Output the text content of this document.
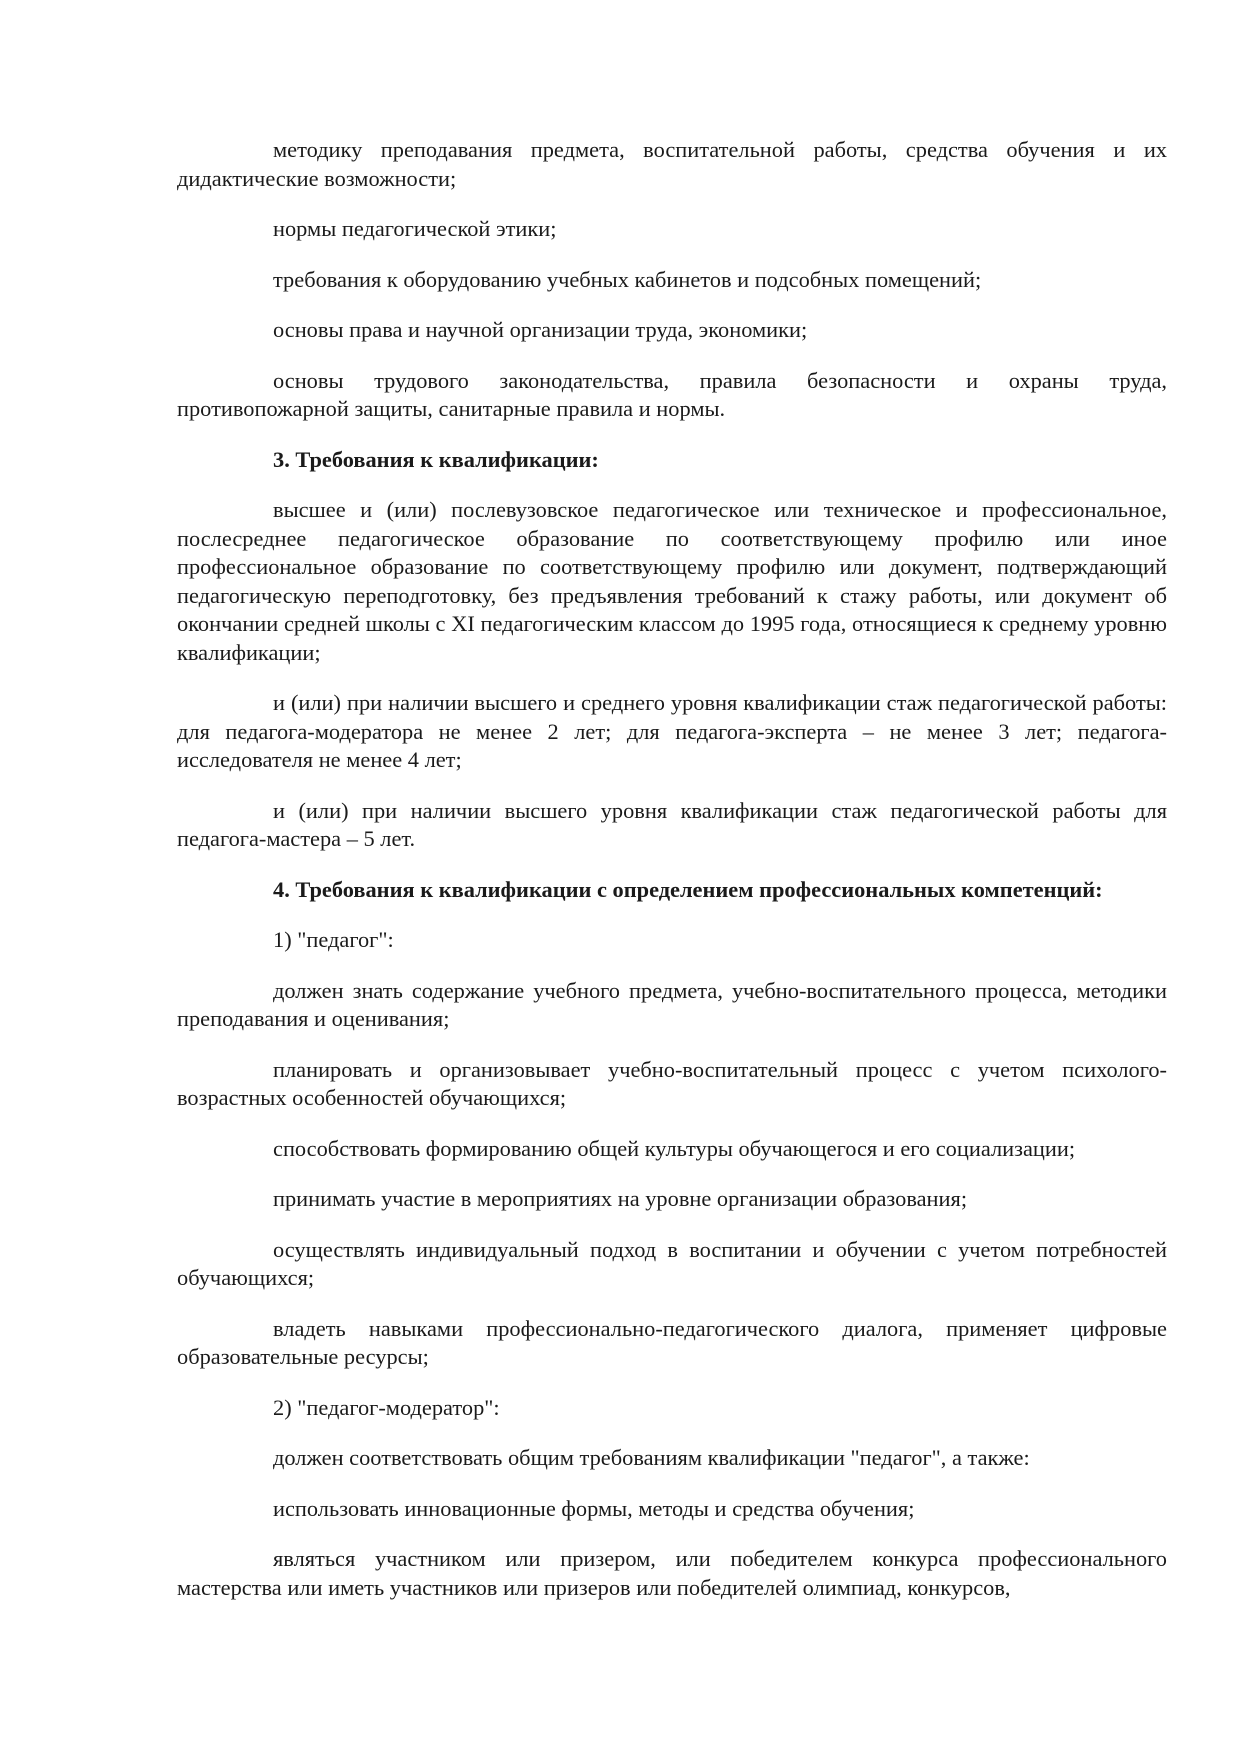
методику преподавания предмета, воспитательной работы, средства обучения и их дидактические возможности;

нормы педагогической этики;

требования к оборудованию учебных кабинетов и подсобных помещений;

основы права и научной организации труда, экономики;

основы трудового законодательства, правила безопасности и охраны труда, противопожарной защиты, санитарные правила и нормы.

3. Требования к квалификации:

высшее и (или) послевузовское педагогическое или техническое и профессиональное, послесреднее педагогическое образование по соответствующему профилю или иное профессиональное образование по соответствующему профилю или документ, подтверждающий педагогическую переподготовку, без предъявления требований к стажу работы, или документ об окончании средней школы с XI педагогическим классом до 1995 года, относящиеся к среднему уровню квалификации;

и (или) при наличии высшего и среднего уровня квалификации стаж педагогической работы: для педагога-модератора не менее 2 лет; для педагога-эксперта – не менее 3 лет; педагога-исследователя не менее 4 лет;

и (или) при наличии высшего уровня квалификации стаж педагогической работы для педагога-мастера – 5 лет.

4. Требования к квалификации с определением профессиональных компетенций:

1) "педагог":

должен знать содержание учебного предмета, учебно-воспитательного процесса, методики преподавания и оценивания;

планировать и организовывает учебно-воспитательный процесс с учетом психолого-возрастных особенностей обучающихся;

способствовать формированию общей культуры обучающегося и его социализации;

принимать участие в мероприятиях на уровне организации образования;

осуществлять индивидуальный подход в воспитании и обучении с учетом потребностей обучающихся;

владеть навыками профессионально-педагогического диалога, применяет цифровые образовательные ресурсы;

2) "педагог-модератор":

должен соответствовать общим требованиям квалификации "педагог", а также:

использовать инновационные формы, методы и средства обучения;

являться участником или призером, или победителем конкурса профессионального мастерства или иметь участников или призеров или победителей олимпиад, конкурсов,
